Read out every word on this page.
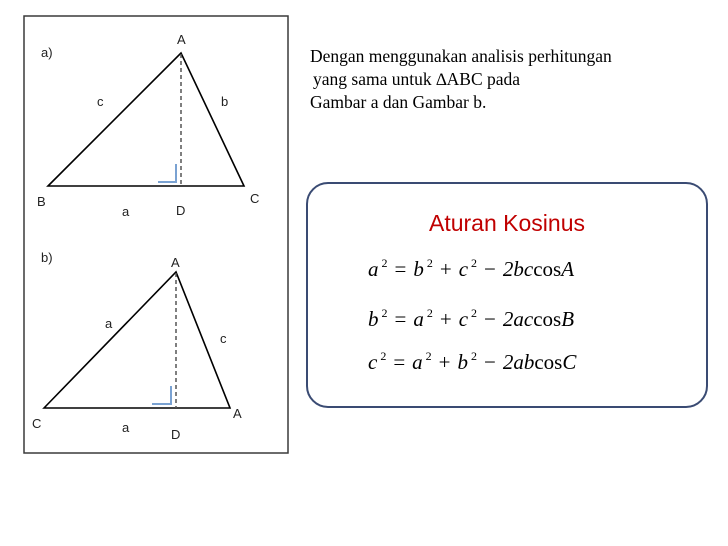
a)
A
B	C
D
a
b
c
b)	A
C
A
D
a
c
a
Dengan menggunakan analisis perhitungan
yang sama untuk ∆ABC pada
Gambar a dan Gambar b.
Aturan Kosinus
a $^2$ = b $^2$ + c $^2$ − 2bccosA
b $^2$ = a $^2$ + c $^2$ − 2accosB
c $^2$ = a $^2$ + b $^2$ − 2abcosC
